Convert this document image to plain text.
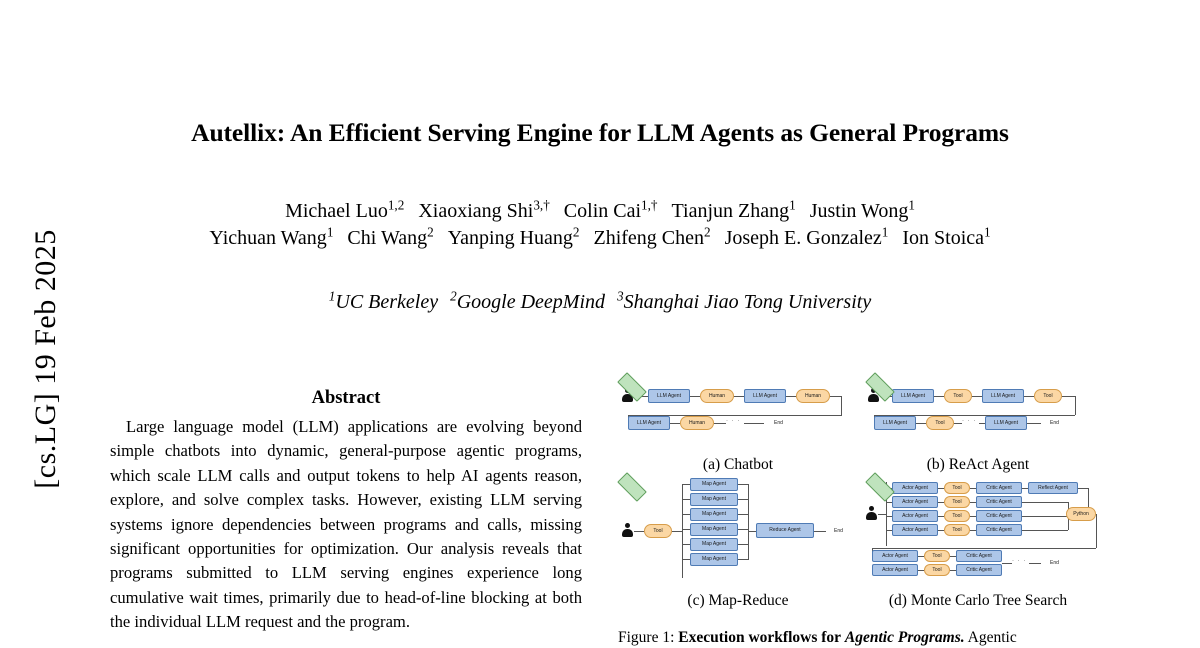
[cs.LG] 19 Feb 2025
Autellix: An Efficient Serving Engine for LLM Agents as General Programs
Michael Luo$^{1,2}$ Xiaoxiang Shi$^{3,\dagger}$ Colin Cai$^{1,\dagger}$ Tianjun Zhang$^1$ Justin Wong$^1$
Yichuan Wang$^1$ Chi Wang$^2$ Yanping Huang$^2$ Zhifeng Chen$^2$ Joseph E. Gonzalez$^1$ Ion Stoica$^1$
$^1$UC Berkeley $^2$Google DeepMind $^3$Shanghai Jiao Tong University
Abstract
Large language model (LLM) applications are evolving beyond simple chatbots into dynamic, general-purpose agentic programs, which scale LLM calls and output tokens to help AI agents reason, explore, and solve complex tasks. However, existing LLM serving systems ignore dependencies between programs and calls, missing significant opportunities for optimization. Our analysis reveals that programs submitted to LLM serving engines experience long cumulative wait times, primarily due to head-of-line blocking at both the individual LLM request and the program.
LLM Agent	Human	LLM Agent	Human
LLM Agent	Human	· · ·	End
(a) Chatbot
LLM Agent	Tool	LLM Agent	Tool
LLM Agent	Tool	· · ·	LLM Agent	End
(b) ReAct Agent
Tool
Map Agent
Map Agent
Map Agent
Map Agent
Map Agent
Map Agent
Reduce Agent	End
(c) Map-Reduce
Actor Agent	Tool	Critic Agent	Reflect Agent
Actor Agent	Tool	Critic Agent
Actor Agent	Tool	Critic Agent
Actor Agent	Tool	Critic Agent
Python
Actor Agent	Tool	Critic Agent
Actor Agent	Tool	Critic Agent
· · ·	End
(d) Monte Carlo Tree Search
Figure 1: Execution workflows for Agentic Programs. Agentic
